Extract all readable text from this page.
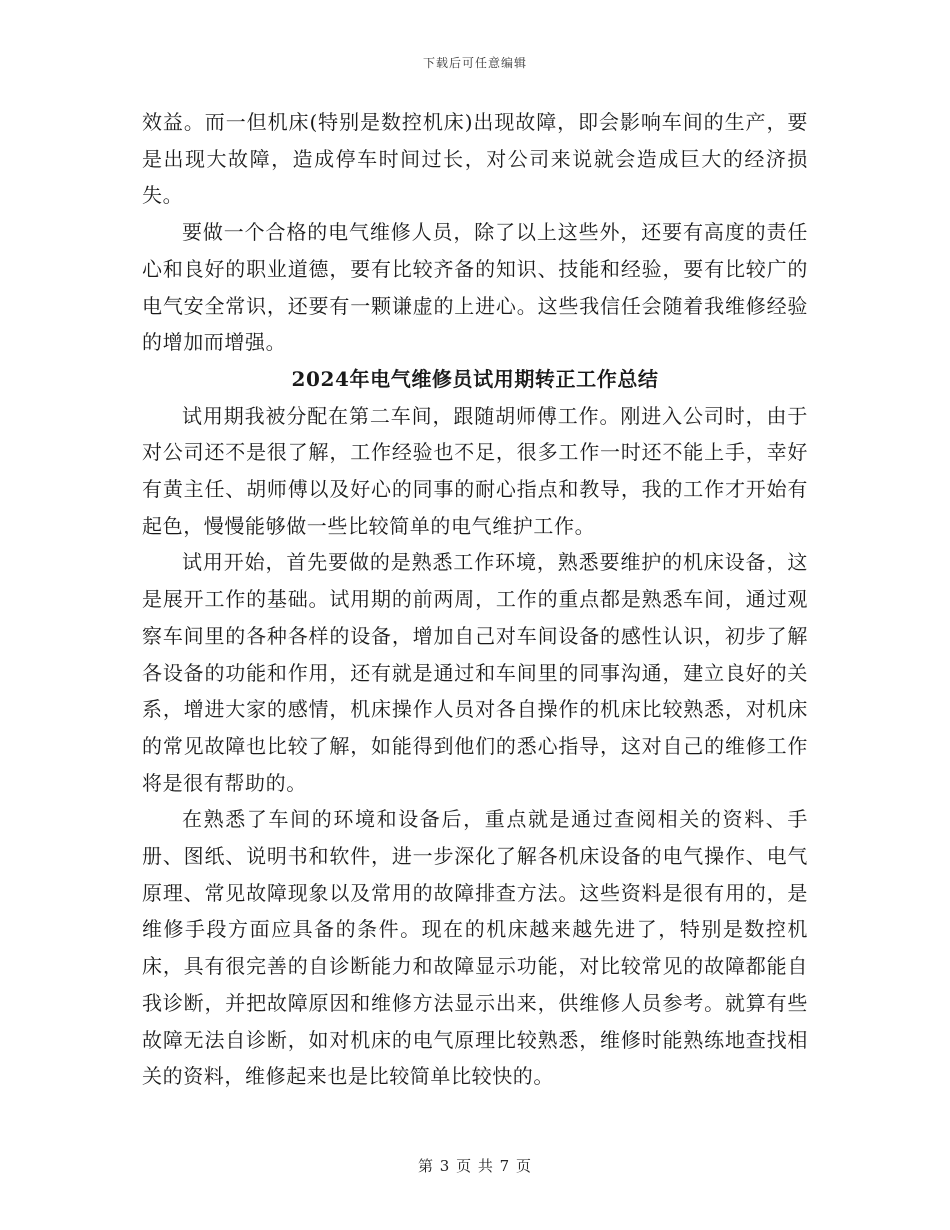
下载后可任意编辑

效益。而一但机床(特别是数控机床)出现故障，即会影响车间的生产，要是出现大故障，造成停车时间过长，对公司来说就会造成巨大的经济损失。

要做一个合格的电气维修人员，除了以上这些外，还要有高度的责任心和良好的职业道德，要有比较齐备的知识、技能和经验，要有比较广的电气安全常识，还要有一颗谦虚的上进心。这些我信任会随着我维修经验的增加而增强。

2024年电气维修员试用期转正工作总结

试用期我被分配在第二车间，跟随胡师傅工作。刚进入公司时，由于对公司还不是很了解，工作经验也不足，很多工作一时还不能上手，幸好有黄主任、胡师傅以及好心的同事的耐心指点和教导，我的工作才开始有起色，慢慢能够做一些比较简单的电气维护工作。

试用开始，首先要做的是熟悉工作环境，熟悉要维护的机床设备，这是展开工作的基础。试用期的前两周，工作的重点都是熟悉车间，通过观察车间里的各种各样的设备，增加自己对车间设备的感性认识，初步了解各设备的功能和作用，还有就是通过和车间里的同事沟通，建立良好的关系，增进大家的感情，机床操作人员对各自操作的机床比较熟悉，对机床的常见故障也比较了解，如能得到他们的悉心指导，这对自己的维修工作将是很有帮助的。

在熟悉了车间的环境和设备后，重点就是通过查阅相关的资料、手册、图纸、说明书和软件，进一步深化了解各机床设备的电气操作、电气原理、常见故障现象以及常用的故障排查方法。这些资料是很有用的，是维修手段方面应具备的条件。现在的机床越来越先进了，特别是数控机床，具有很完善的自诊断能力和故障显示功能，对比较常见的故障都能自我诊断，并把故障原因和维修方法显示出来，供维修人员参考。就算有些故障无法自诊断，如对机床的电气原理比较熟悉，维修时能熟练地查找相关的资料，维修起来也是比较简单比较快的。

第 3 页 共 7 页
